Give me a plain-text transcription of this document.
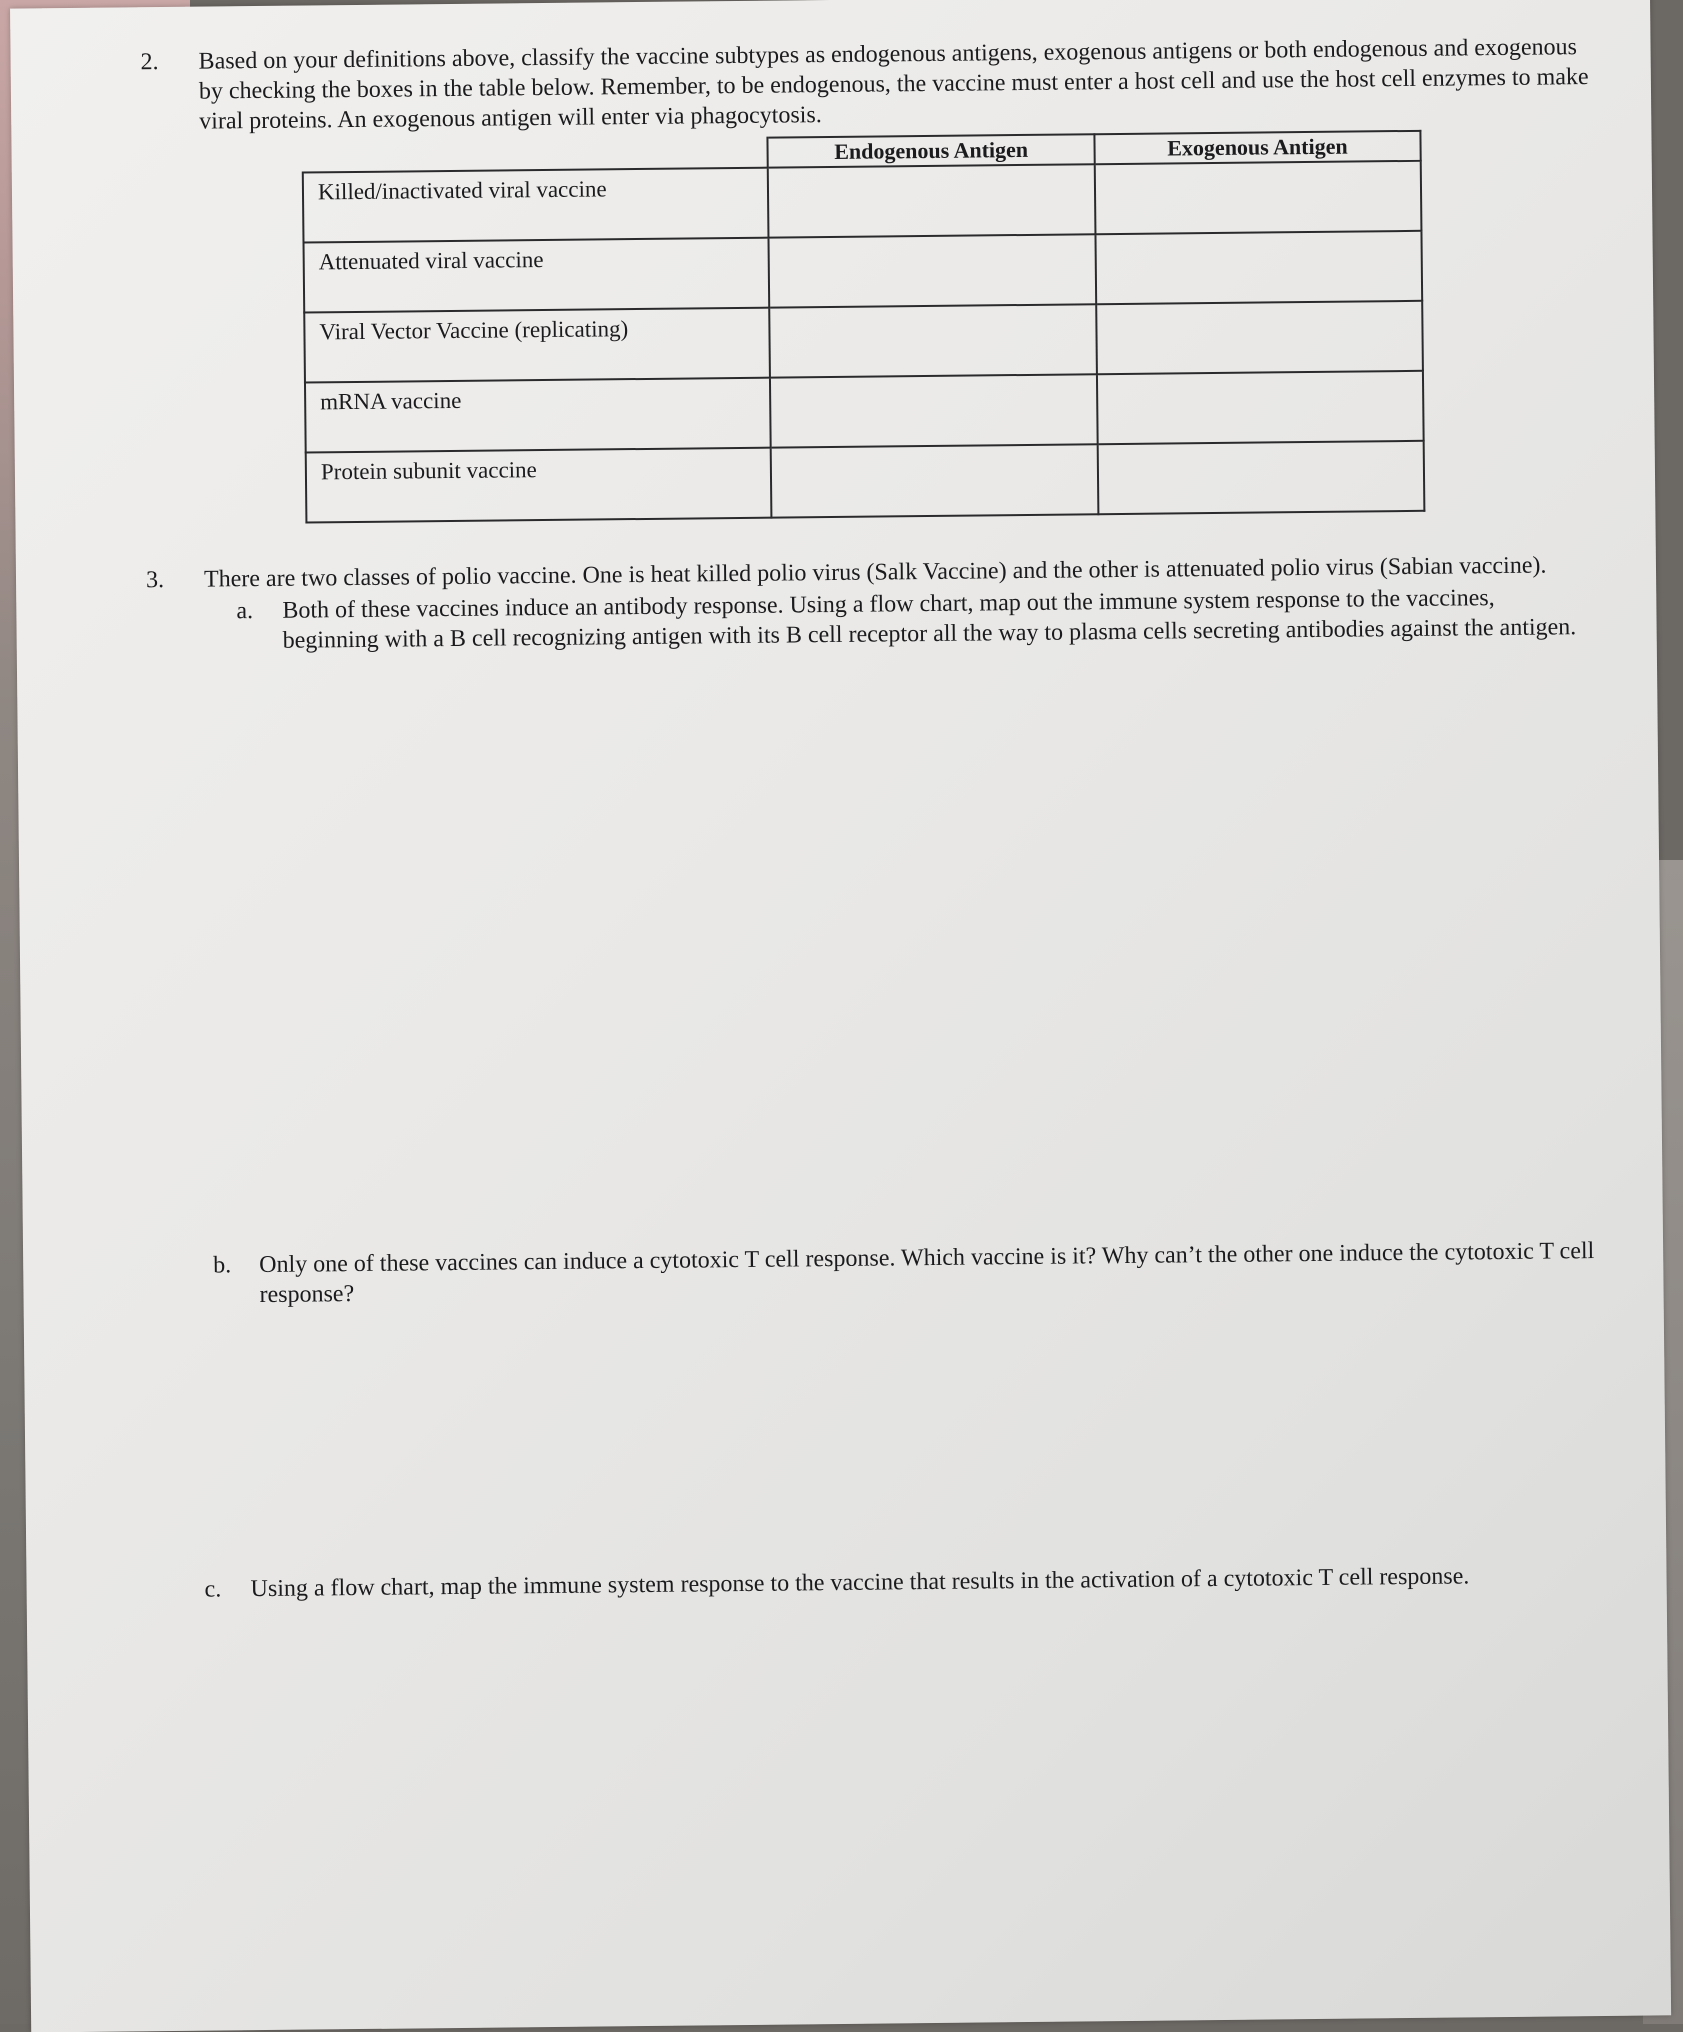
2. Based on your definitions above, classify the vaccine subtypes as endogenous antigens, exogenous antigens or both endogenous and exogenous by checking the boxes in the table below. Remember, to be endogenous, the vaccine must enter a host cell and use the host cell enzymes to make viral proteins. An exogenous antigen will enter via phagocytosis.
	Endogenous Antigen	Exogenous Antigen
Killed/inactivated viral vaccine		
Attenuated viral vaccine		
Viral Vector Vaccine (replicating)		
mRNA vaccine		
Protein subunit vaccine		
3. There are two classes of polio vaccine. One is heat killed polio virus (Salk Vaccine) and the other is attenuated polio virus (Sabian vaccine).
a. Both of these vaccines induce an antibody response. Using a flow chart, map out the immune system response to the vaccines, beginning with a B cell recognizing antigen with its B cell receptor all the way to plasma cells secreting antibodies against the antigen.
b. Only one of these vaccines can induce a cytotoxic T cell response. Which vaccine is it? Why can’t the other one induce the cytotoxic T cell response?
c. Using a flow chart, map the immune system response to the vaccine that results in the activation of a cytotoxic T cell response.
